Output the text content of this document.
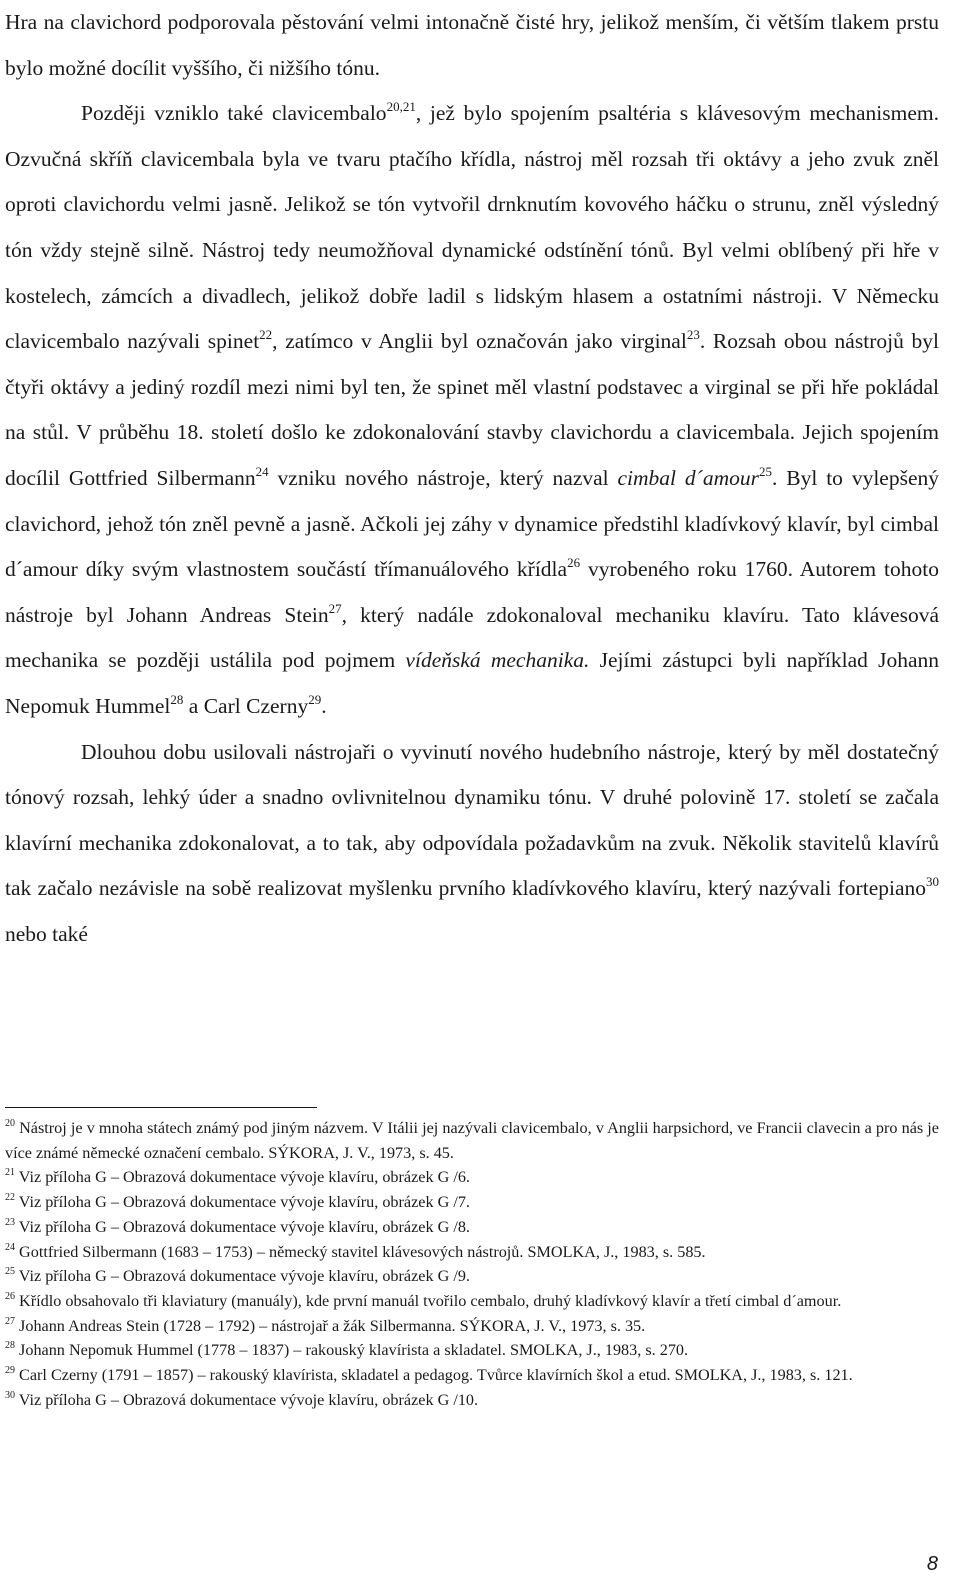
Hra na clavichord podporovala pěstování velmi intonačně čisté hry, jelikož menším, či větším tlakem prstu bylo možné docílit vyššího, či nižšího tónu.

Později vzniklo také clavicembalo$^{20,21}$, jež bylo spojením psaltéria s klávesovým mechanismem. Ozvučná skříň clavicembala byla ve tvaru ptačího křídla, nástroj měl rozsah tři oktávy a jeho zvuk zněl oproti clavichordu velmi jasně. Jelikož se tón vytvořil drnknutím kovového háčku o strunu, zněl výsledný tón vždy stejně silně. Nástroj tedy neumožňoval dynamické odstínění tónů. Byl velmi oblíbený při hře v kostelech, zámcích a divadlech, jelikož dobře ladil s lidským hlasem a ostatními nástroji. V Německu clavicembalo nazývali spinet$^{22}$, zatímco v Anglii byl označován jako virginal$^{23}$. Rozsah obou nástrojů byl čtyři oktávy a jediný rozdíl mezi nimi byl ten, že spinet měl vlastní podstavec a virginal se při hře pokládal na stůl. V průběhu 18. století došlo ke zdokonalování stavby clavichordu a clavicembala. Jejich spojením docílil Gottfried Silbermann$^{24}$ vzniku nového nástroje, který nazval cimbal d´amour$^{25}$. Byl to vylepšený clavichord, jehož tón zněl pevně a jasně. Ačkoli jej záhy v dynamice předstihl kladívkový klavír, byl cimbal d´amour díky svým vlastnostem součástí třímanuálového křídla$^{26}$ vyrobeného roku 1760. Autorem tohoto nástroje byl Johann Andreas Stein$^{27}$, který nadále zdokonaloval mechaniku klavíru. Tato klávesová mechanika se později ustálila pod pojmem vídeňská mechanika. Jejími zástupci byli například Johann Nepomuk Hummel$^{28}$ a Carl Czerny$^{29}$.

Dlouhou dobu usilovali nástrojaři o vyvinutí nového hudebního nástroje, který by měl dostatečný tónový rozsah, lehký úder a snadno ovlivnitelnou dynamiku tónu. V druhé polovině 17. století se začala klavírní mechanika zdokonalovat, a to tak, aby odpovídala požadavkům na zvuk. Několik stavitelů klavírů tak začalo nezávisle na sobě realizovat myšlenku prvního kladívkového klavíru, který nazývali fortepiano$^{30}$ nebo také

$^{20}$ Nástroj je v mnoha státech známý pod jiným názvem. V Itálii jej nazývali clavicembalo, v Anglii harpsichord, ve Francii clavecin a pro nás je více známé německé označení cembalo. SÝKORA, J. V., 1973, s. 45.

$^{21}$ Viz příloha G – Obrazová dokumentace vývoje klavíru, obrázek G /6.

$^{22}$ Viz příloha G – Obrazová dokumentace vývoje klavíru, obrázek G /7.

$^{23}$ Viz příloha G – Obrazová dokumentace vývoje klavíru, obrázek G /8.

$^{24}$ Gottfried Silbermann (1683 – 1753) – německý stavitel klávesových nástrojů. SMOLKA, J., 1983, s. 585.

$^{25}$ Viz příloha G – Obrazová dokumentace vývoje klavíru, obrázek G /9.

$^{26}$ Křídlo obsahovalo tři klaviatury (manuály), kde první manuál tvořilo cembalo, druhý kladívkový klavír a třetí cimbal d´amour.

$^{27}$ Johann Andreas Stein (1728 – 1792) – nástrojař a žák Silbermanna. SÝKORA, J. V., 1973, s. 35.

$^{28}$ Johann Nepomuk Hummel (1778 – 1837) – rakouský klavírista a skladatel. SMOLKA, J., 1983, s. 270.

$^{29}$ Carl Czerny (1791 – 1857) – rakouský klavírista, skladatel a pedagog. Tvůrce klavírních škol a etud. SMOLKA, J., 1983, s. 121.

$^{30}$ Viz příloha G – Obrazová dokumentace vývoje klavíru, obrázek G /10.

8
